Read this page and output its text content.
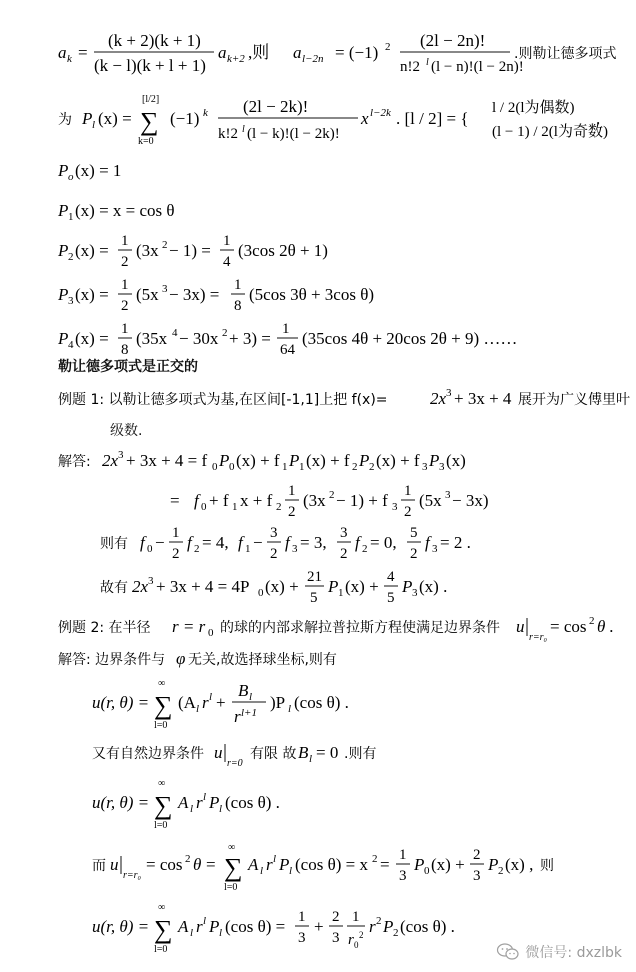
a k =
(k + 2)(k + 1)
(k − l)(k + l + 1)
a k+2 ,则 a l−2n = (−1) 2 (2l − 2n)!
n!2 l (l − n)!(l − 2n)!
.则勒让德多项式
为 P l (x) =
[l/2]
∑
k=0
(−1) k (2l − 2k)!
k!2 l (l − k)!(l − 2k)!
x l−2k . [l / 2] = {
l / 2(l为偶数)
(l − 1) / 2(l为奇数)
.
P o (x) = 1
P 1 (x) = x = cos θ
P 2 (x) = 1
2
(3x 2 − 1) = 1
4
(3cos 2θ + 1)
P 3 (x) = 1
2
(5x 3 − 3x) = 1
8
(5cos 3θ + 3cos θ)
P 4 (x) = 1
8
(35x 4 − 30x 2 + 3) = 1
64
(35cos 4θ + 20cos 2θ + 9) ……
勒让德多项式是正交的
例题 1: 以勒让德多项式为基,在区间[-1,1]上把 f(x)= 2x 3 + 3x + 4 展开为广义傅里叶
级数.
解答: 2x 3 + 3x + 4 = f 0 P 0 (x) + f 1 P 1 (x) + f 2 P 2 (x) + f 3 P 3 (x)
= f 0 + f 1 x + f 2
1
2
(3x 2 − 1) + f 3
1
2
(5x 3 − 3x)
则有 f 0 − 1
2
f 2 = 4, f 1 − 3
2
f 3 = 3, 3
2
f 2 = 0, 5
2
f 3 = 2 .
故有 2x 3 + 3x + 4 = 4P 0 (x) + 21
5
P 1 (x) + 4
5
P 3 (x) .
例题 2: 在半径 r = r 0 的球的内部求解拉普拉斯方程使满足边界条件 u
r=r₀
= cos 2 θ .
解答: 边界条件与 φ 无关,故选择球坐标,则有
u(r, θ) =
∞
∑
l=0
(A l r l +
B l
r l+1
)P l (cos θ) .
又有自然边界条件 u
r=0
有限 故 B l = 0 .则有
u(r, θ) =
∞
∑
l=0
A l r l P l (cos θ) .
而 u
r=r₀
= cos 2 θ =
∞
∑
l=0
A l r l P l (cos θ) = x 2 = 1
3
P 0 (x) + 2
3
P 2 (x) , 则
u(r, θ) =
∞
∑
l=0
A l r l P l (cos θ) = 1
3
+ 2
3
1
r 0
2 r 2 P 2 (cos θ) .
微信号: dxzlbk
